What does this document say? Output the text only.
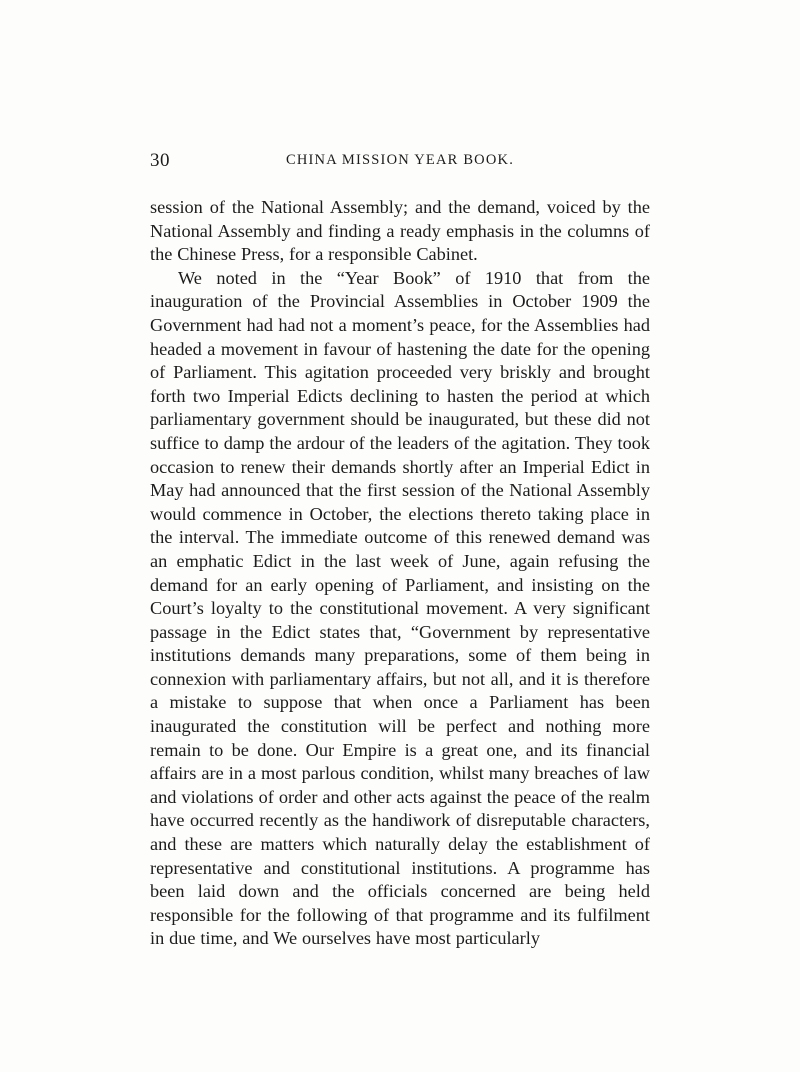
30	CHINA MISSION YEAR BOOK.

session of the National Assembly; and the demand, voiced by the National Assembly and finding a ready emphasis in the columns of the Chinese Press, for a responsible Cabinet.

We noted in the “Year Book” of 1910 that from the inauguration of the Provincial Assemblies in October 1909 the Government had had not a moment’s peace, for the Assemblies had headed a movement in favour of hastening the date for the opening of Parliament. This agitation proceeded very briskly and brought forth two Imperial Edicts declining to hasten the period at which parliamentary government should be inaugurated, but these did not suffice to damp the ardour of the leaders of the agitation. They took occasion to renew their demands shortly after an Imperial Edict in May had announced that the first session of the National Assembly would commence in October, the elections thereto taking place in the interval. The immediate outcome of this renewed demand was an emphatic Edict in the last week of June, again refusing the demand for an early opening of Parliament, and insisting on the Court’s loyalty to the constitutional movement. A very significant passage in the Edict states that, “Government by representative institutions demands many preparations, some of them being in connexion with parliamentary affairs, but not all, and it is therefore a mistake to suppose that when once a Parliament has been inaugurated the constitution will be perfect and nothing more remain to be done. Our Empire is a great one, and its financial affairs are in a most parlous condition, whilst many breaches of law and violations of order and other acts against the peace of the realm have occurred recently as the handiwork of disreputable characters, and these are matters which naturally delay the establishment of representative and constitutional institutions. A programme has been laid down and the officials concerned are being held responsible for the following of that programme and its fulfilment in due time, and We ourselves have most particularly
